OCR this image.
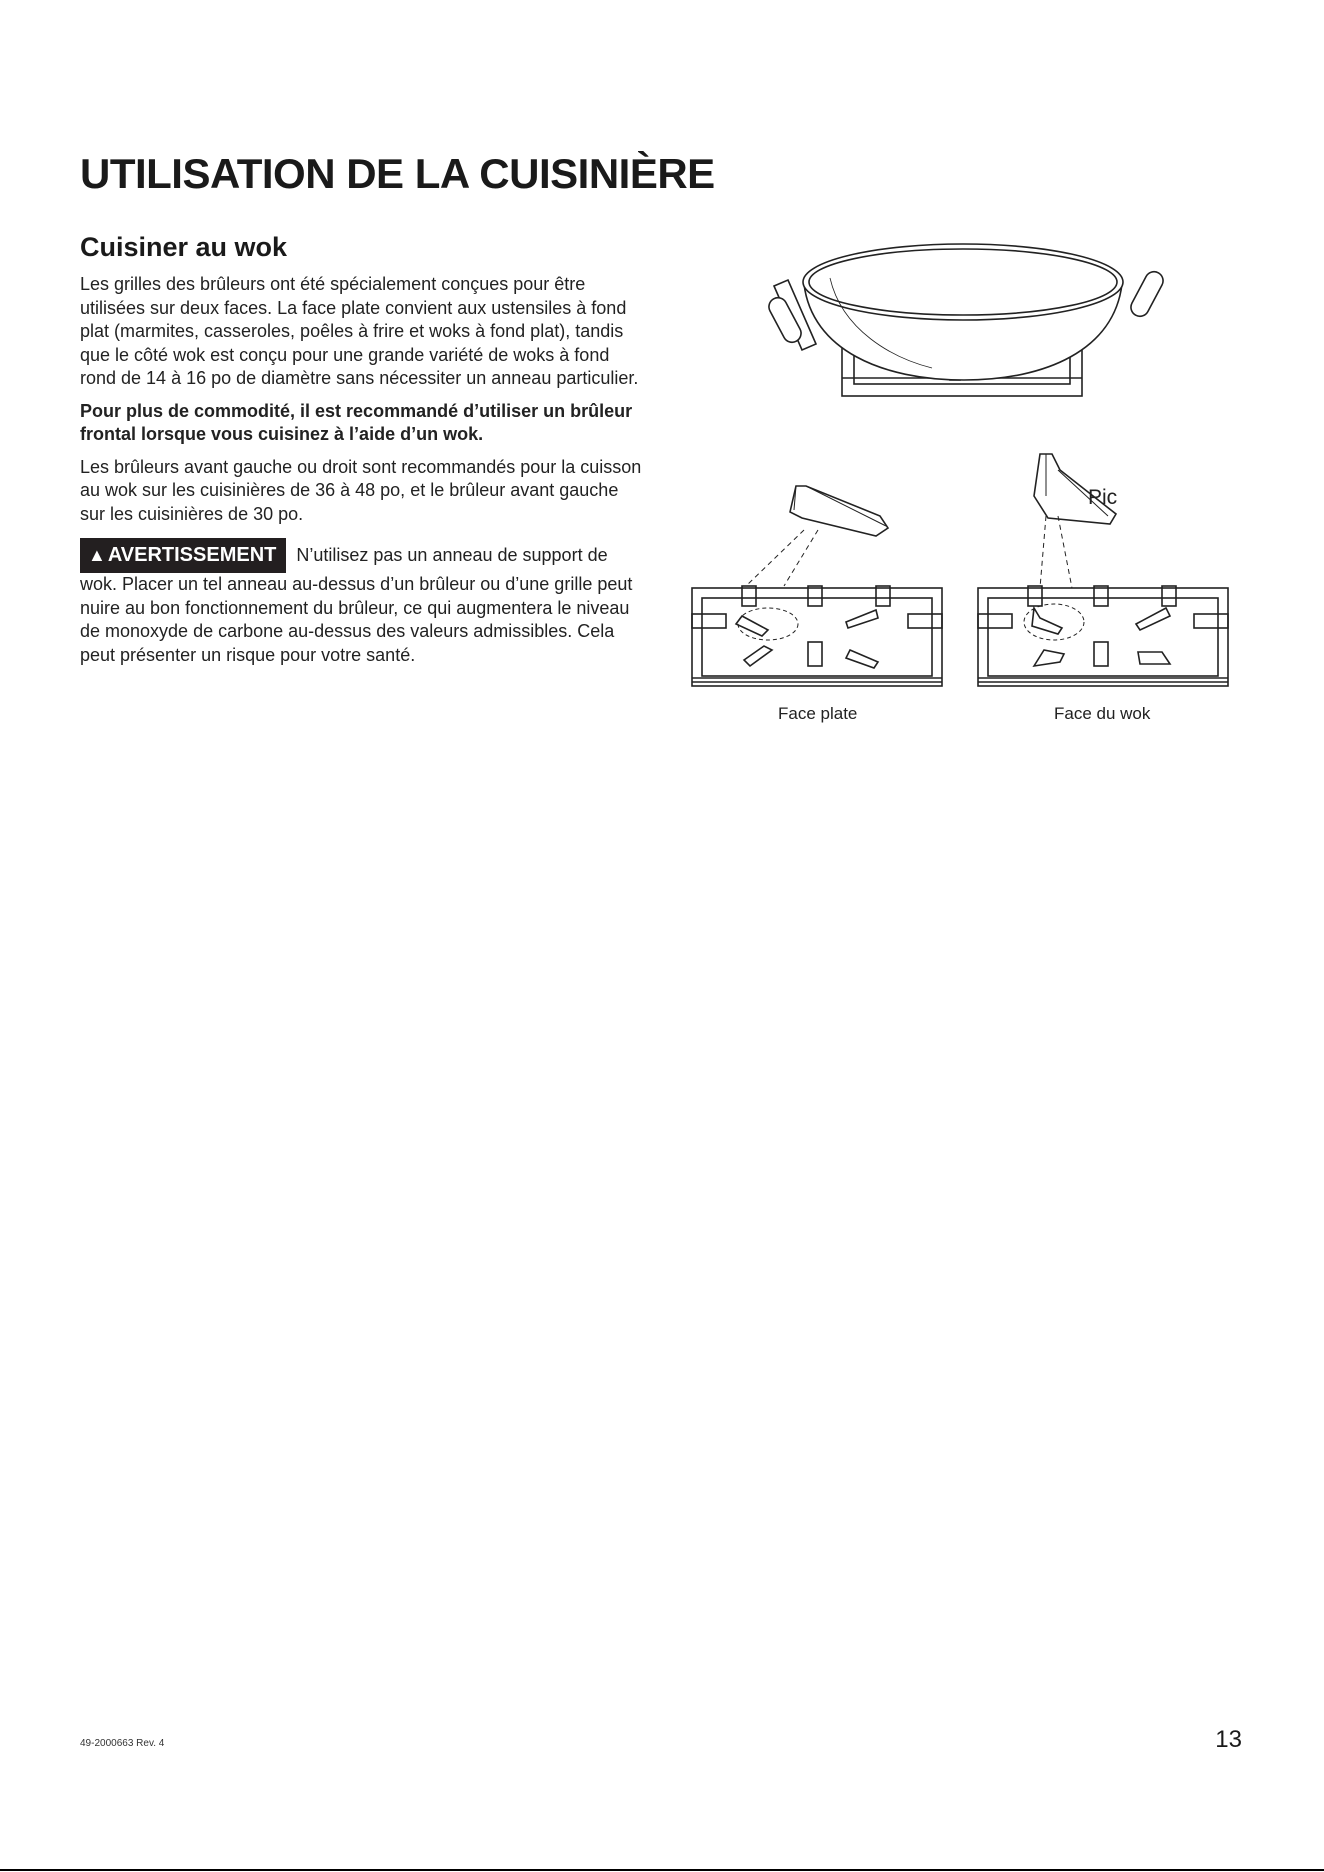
UTILISATION DE LA CUISINIÈRE
Cuisiner au wok

Les grilles des brûleurs ont été spécialement conçues pour être utilisées sur deux faces. La face plate convient aux ustensiles à fond plat (marmites, casseroles, poêles à frire et woks à fond plat), tandis que le côté wok est conçu pour une grande variété de woks à fond rond de 14 à 16 po de diamètre sans nécessiter un anneau particulier.

Pour plus de commodité, il est recommandé d’utiliser un brûleur frontal lorsque vous cuisinez à l’aide d’un wok.

Les brûleurs avant gauche ou droit sont recommandés pour la cuisson au wok sur les cuisinières de 36 à 48 po, et le brûleur avant gauche sur les cuisinières de 30 po.

▲ AVERTISSEMENT N’utilisez pas un anneau de support de wok. Placer un tel anneau au-dessus d’un brûleur ou d’une grille peut nuire au bon fonctionnement du brûleur, ce qui augmentera le niveau de monoxyde de carbone au-dessus des valeurs admissibles. Cela peut présenter un risque pour votre santé.

Pic
Face plate	Face du wok
49-2000663 Rev. 4	13
